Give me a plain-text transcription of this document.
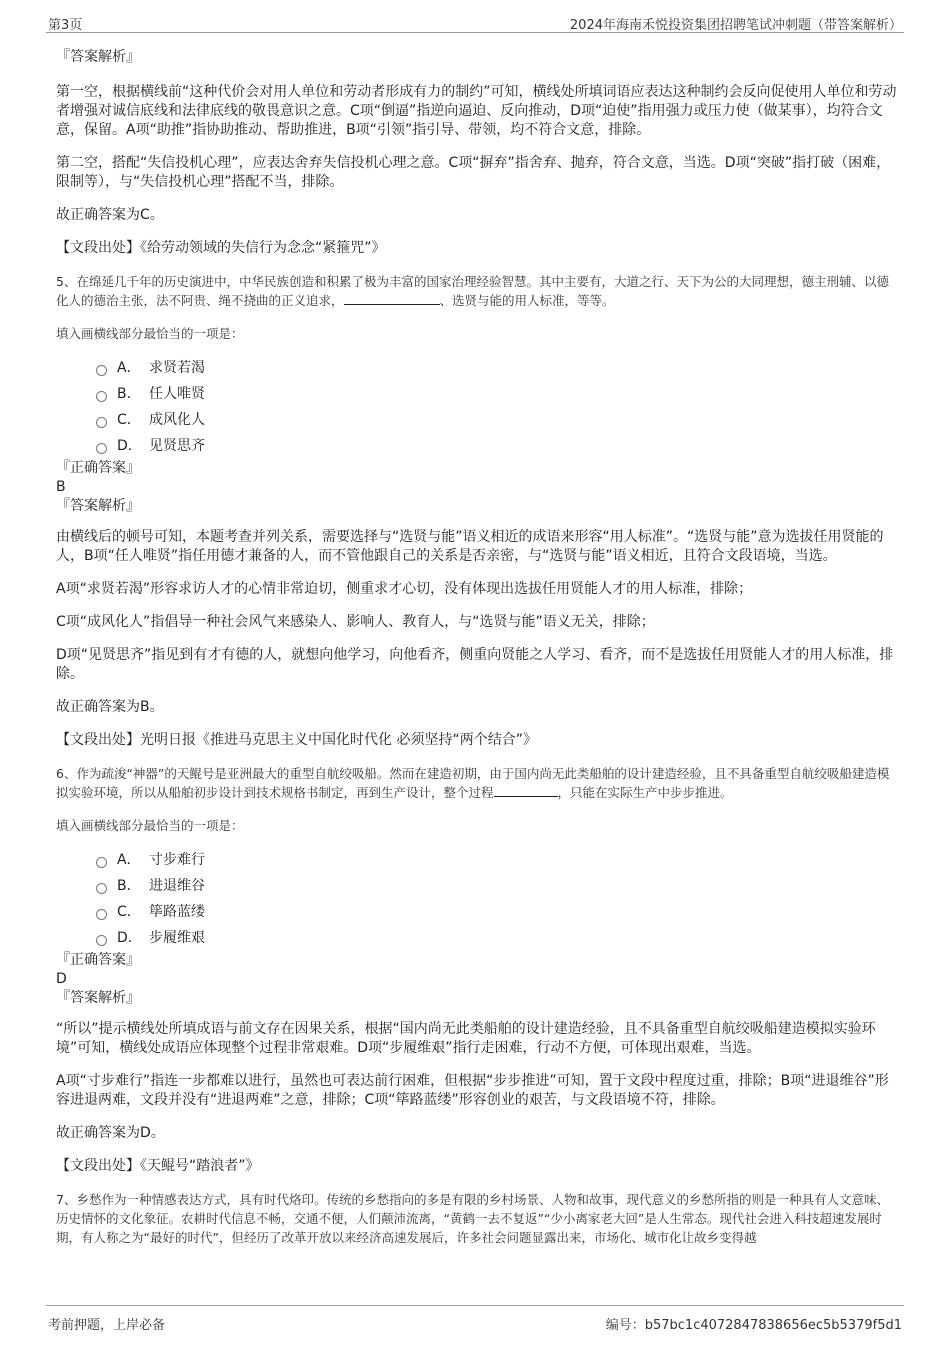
第3页	2024年海南禾悦投资集团招聘笔试冲刺题（带答案解析）

『答案解析』

第一空，根据横线前“这种代价会对用人单位和劳动者形成有力的制约”可知，横线处所填词语应表达这种制约会反向促使用人单位和劳动者增强对诚信底线和法律底线的敬畏意识之意。C项“倒逼”指逆向逼迫、反向推动，D项“迫使”指用强力或压力使（做某事），均符合文意，保留。A项“助推”指协助推动、帮助推进，B项“引领”指引导、带领，均不符合文意，排除。

第二空，搭配“失信投机心理”，应表达舍弃失信投机心理之意。C项“摒弃”指舍弃、抛弃，符合文意，当选。D项“突破”指打破（困难，限制等），与“失信投机心理”搭配不当，排除。

故正确答案为C。

【文段出处】《给劳动领域的失信行为念念“紧箍咒”》

5、在绵延几千年的历史演进中，中华民族创造和积累了极为丰富的国家治理经验智慧。其中主要有，大道之行、天下为公的大同理想，德主刑辅、以德化人的德治主张，法不阿贵、绳不挠曲的正义追求，	、选贤与能的用人标准，等等。

填入画横线部分最恰当的一项是：

A． 求贤若渴
B． 任人唯贤
C． 成风化人
D． 见贤思齐

『正确答案』

B

『答案解析』

由横线后的顿号可知，本题考查并列关系，需要选择与“选贤与能”语义相近的成语来形容“用人标准”。“选贤与能”意为选拔任用贤能的人，B项“任人唯贤”指任用德才兼备的人，而不管他跟自己的关系是否亲密，与“选贤与能”语义相近，且符合文段语境，当选。

A项“求贤若渴”形容求访人才的心情非常迫切，侧重求才心切，没有体现出选拔任用贤能人才的用人标准，排除；

C项“成风化人”指倡导一种社会风气来感染人、影响人、教育人，与“选贤与能”语义无关，排除；

D项“见贤思齐”指见到有才有德的人，就想向他学习，向他看齐，侧重向贤能之人学习、看齐，而不是选拔任用贤能人才的用人标准，排除。

故正确答案为B。

【文段出处】光明日报《推进马克思主义中国化时代化 必须坚持“两个结合”》

6、作为疏浚“神器”的天鲲号是亚洲最大的重型自航绞吸船。然而在建造初期，由于国内尚无此类船舶的设计建造经验，且不具备重型自航绞吸船建造模拟实验环境，所以从船舶初步设计到技术规格书制定，再到生产设计，整个过程	，只能在实际生产中步步推进。

填入画横线部分最恰当的一项是：

A． 寸步难行
B． 进退维谷
C． 筚路蓝缕
D． 步履维艰

『正确答案』

D

『答案解析』

“所以”提示横线处所填成语与前文存在因果关系，根据“国内尚无此类船舶的设计建造经验，且不具备重型自航绞吸船建造模拟实验环境”可知，横线处成语应体现整个过程非常艰难。D项“步履维艰”指行走困难，行动不方便，可体现出艰难，当选。

A项“寸步难行”指连一步都难以进行，虽然也可表达前行困难，但根据“步步推进”可知，置于文段中程度过重，排除；B项“进退维谷”形容进退两难，文段并没有“进退两难”之意，排除；C项“筚路蓝缕”形容创业的艰苦，与文段语境不符，排除。

故正确答案为D。

【文段出处】《天鲲号“踏浪者”》

7、乡愁作为一种情感表达方式，具有时代烙印。传统的乡愁指向的多是有限的乡村场景、人物和故事，现代意义的乡愁所指的则是一种具有人文意味、历史情怀的文化象征。农耕时代信息不畅，交通不便，人们颠沛流离，“黄鹤一去不复返”“少小离家老大回”是人生常态。现代社会进入科技超速发展时期，有人称之为“最好的时代”，但经历了改革开放以来经济高速发展后，许多社会问题显露出来，市场化、城市化让故乡变得越

考前押题，上岸必备	编号：b57bc1c4072847838656ec5b5379f5d1
